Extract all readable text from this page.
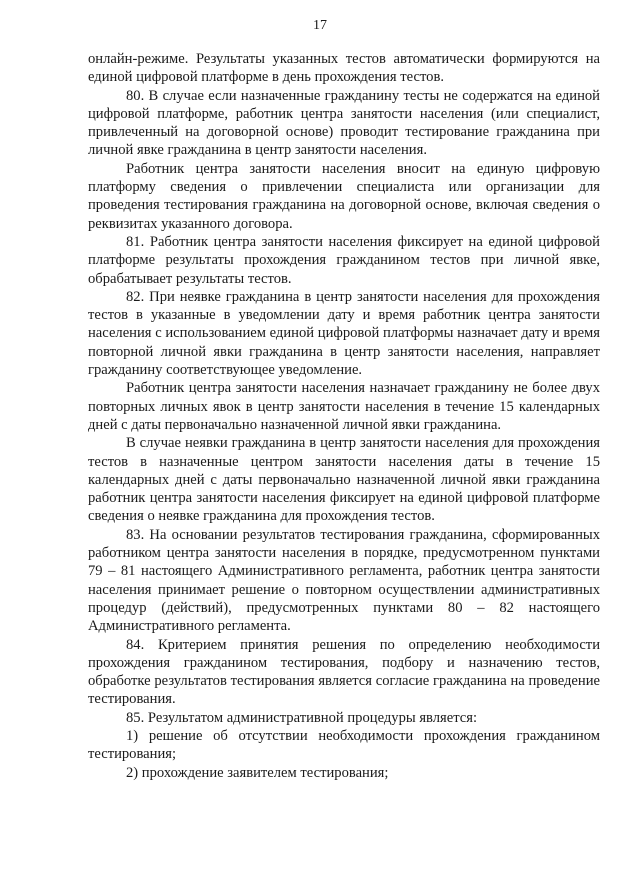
17

онлайн-режиме. Результаты указанных тестов автоматически формируются на единой цифровой платформе в день прохождения тестов.

80. В случае если назначенные гражданину тесты не содержатся на единой цифровой платформе, работник центра занятости населения (или специалист, привлеченный на договорной основе) проводит тестирование гражданина при личной явке гражданина в центр занятости населения.

Работник центра занятости населения вносит на единую цифровую платформу сведения о привлечении специалиста или организации для проведения тестирования гражданина на договорной основе, включая сведения о реквизитах указанного договора.

81. Работник центра занятости населения фиксирует на единой цифровой платформе результаты прохождения гражданином тестов при личной явке, обрабатывает результаты тестов.

82. При неявке гражданина в центр занятости населения для прохождения тестов в указанные в уведомлении дату и время работник центра занятости населения с использованием единой цифровой платформы назначает дату и время повторной личной явки гражданина в центр занятости населения, направляет гражданину соответствующее уведомление.

Работник центра занятости населения назначает гражданину не более двух повторных личных явок в центр занятости населения в течение 15 календарных дней с даты первоначально назначенной личной явки гражданина.

В случае неявки гражданина в центр занятости населения для прохождения тестов в назначенные центром занятости населения даты в течение 15 календарных дней с даты первоначально назначенной личной явки гражданина работник центра занятости населения фиксирует на единой цифровой платформе сведения о неявке гражданина для прохождения тестов.

83. На основании результатов тестирования гражданина, сформированных работником центра занятости населения в порядке, предусмотренном пунктами 79 – 81 настоящего Административного регламента, работник центра занятости населения принимает решение о повторном осуществлении административных процедур (действий), предусмотренных пунктами 80 – 82 настоящего Административного регламента.

84. Критерием принятия решения по определению необходимости прохождения гражданином тестирования, подбору и назначению тестов, обработке результатов тестирования является согласие гражданина на проведение тестирования.

85. Результатом административной процедуры является:

1) решение об отсутствии необходимости прохождения гражданином тестирования;

2) прохождение заявителем тестирования;
